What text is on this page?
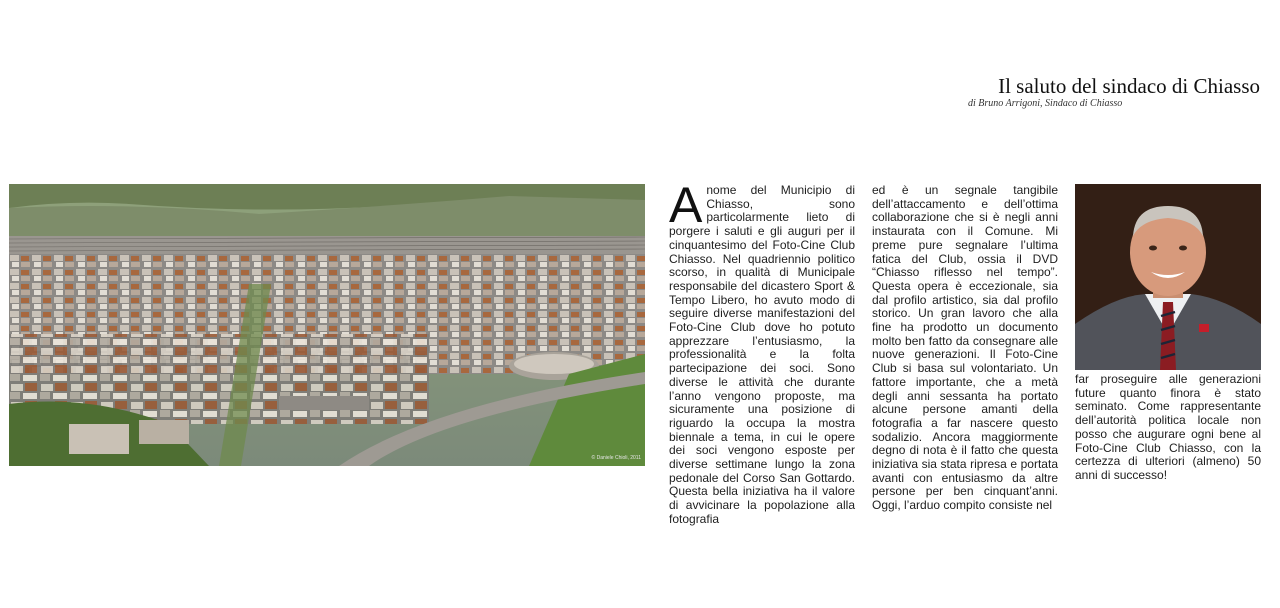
Il saluto del sindaco di Chiasso
di Bruno Arrigoni, Sindaco di Chiasso
© Daniele Chioli, 2011
A nome del Municipio di Chiasso, sono particolarmente lieto di porgere i saluti e gli auguri per il cinquantesimo del Foto-Cine Club Chiasso. Nel quadriennio politico scorso, in qualità di Municipale responsabile del dicastero Sport & Tempo Libero, ho avuto modo di seguire diverse manifestazioni del Foto-Cine Club dove ho potuto apprezzare l’entusiasmo, la professionalità e la folta partecipazione dei soci. Sono diverse le attività che durante l’anno vengono proposte, ma sicuramente una posizione di riguardo la occupa la mostra biennale a tema, in cui le opere dei soci vengono esposte per diverse settimane lungo la zona pedonale del Corso San Gottardo. Questa bella iniziativa ha il valore di avvicinare la popolazione alla fotografia
ed è un segnale tangibile dell’attaccamento e dell’ottima collaborazione che si è negli anni instaurata con il Comune. Mi preme pure segnalare l’ultima fatica del Club, ossia il DVD “Chiasso riflesso nel tempo”. Questa opera è eccezionale, sia dal profilo artistico, sia dal profilo storico. Un gran lavoro che alla fine ha prodotto un documento molto ben fatto da consegnare alle nuove generazioni. Il Foto-Cine Club si basa sul volontariato. Un fattore importante, che a metà degli anni sessanta ha portato alcune persone amanti della fotografia a far nascere questo sodalizio. Ancora maggiormente degno di nota è il fatto che questa iniziativa sia stata ripresa e portata avanti con entusiasmo da altre persone per ben cinquant’anni. Oggi, l’arduo compito consiste nel
far proseguire alle generazioni future quanto finora è stato seminato. Come rappresentante dell’autorità politica locale non posso che augurare ogni bene al Foto-Cine Club Chiasso, con la certezza di ulteriori (almeno) 50 anni di successo!
